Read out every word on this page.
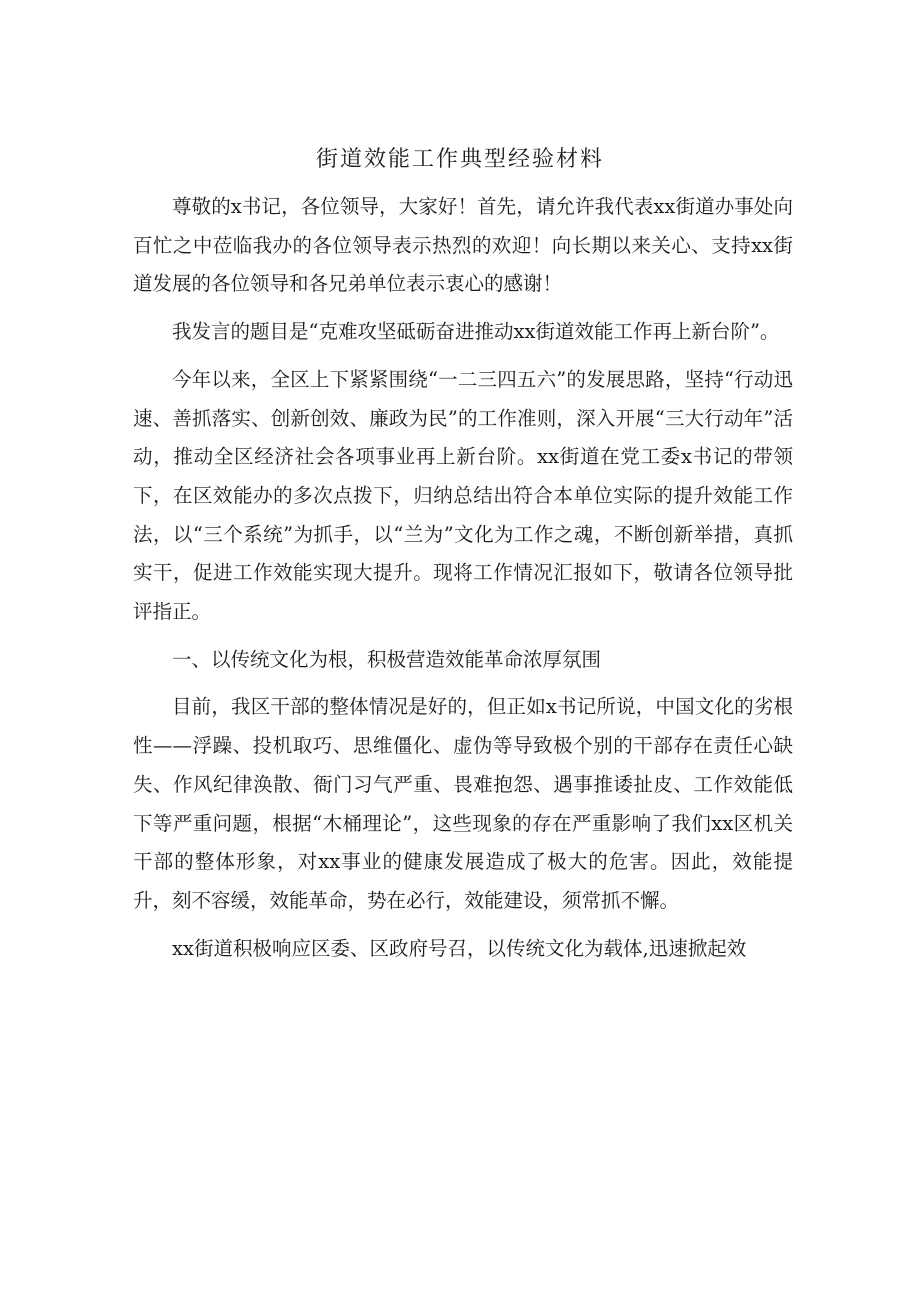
街道效能工作典型经验材料

尊敬的x书记，各位领导，大家好！首先，请允许我代表xx街道办事处向百忙之中莅临我办的各位领导表示热烈的欢迎！向长期以来关心、支持xx街道发展的各位领导和各兄弟单位表示衷心的感谢！

我发言的题目是“克难攻坚砥砺奋进推动xx街道效能工作再上新台阶”。

今年以来，全区上下紧紧围绕“一二三四五六”的发展思路，坚持“行动迅速、善抓落实、创新创效、廉政为民”的工作准则，深入开展“三大行动年”活动，推动全区经济社会各项事业再上新台阶。xx街道在党工委x书记的带领下，在区效能办的多次点拨下，归纳总结出符合本单位实际的提升效能工作法，以“三个系统”为抓手，以“兰为”文化为工作之魂，不断创新举措，真抓实干，促进工作效能实现大提升。现将工作情况汇报如下，敬请各位领导批评指正。

一、以传统文化为根，积极营造效能革命浓厚氛围

目前，我区干部的整体情况是好的，但正如x书记所说，中国文化的劣根性——浮躁、投机取巧、思维僵化、虚伪等导致极个别的干部存在责任心缺失、作风纪律涣散、衙门习气严重、畏难抱怨、遇事推诿扯皮、工作效能低下等严重问题，根据“木桶理论”，这些现象的存在严重影响了我们xx区机关干部的整体形象，对xx事业的健康发展造成了极大的危害。因此，效能提升，刻不容缓，效能革命，势在必行，效能建设，须常抓不懈。

xx街道积极响应区委、区政府号召，以传统文化为载体,迅速掀起效
